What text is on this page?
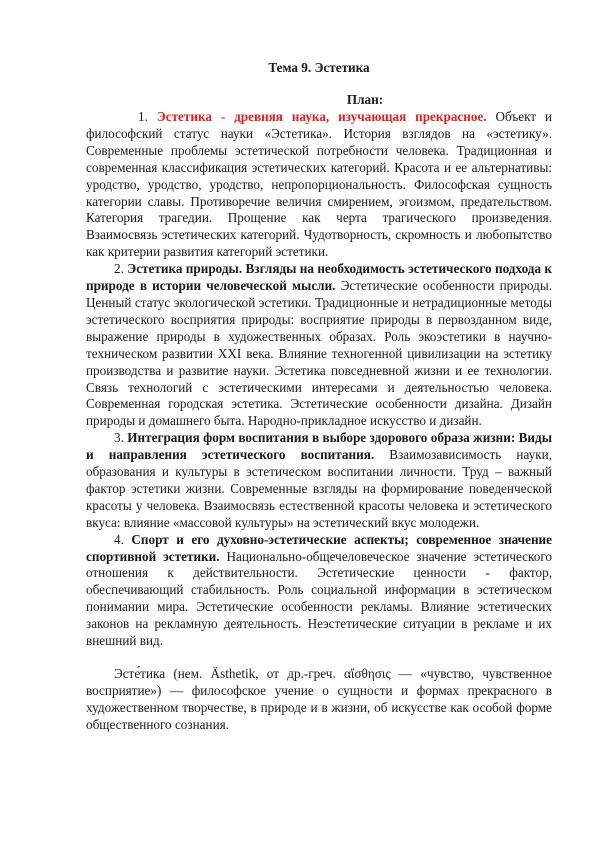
Тема 9. Эстетика
План:

1. Эстетика - древняя наука, изучающая прекрасное. Объект и философский статус науки «Эстетика». История взглядов на «эстетику». Современные проблемы эстетической потребности человека. Традиционная и современная классификация эстетических категорий. Красота и ее альтернативы: уродство, уродство, уродство, непропорциональность. Философская сущность категории славы. Противоречие величия смирением, эгоизмом, предательством. Категория трагедии. Прощение как черта трагического произведения. Взаимосвязь эстетических категорий. Чудотворность, скромность и любопытство как критерии развития категорий эстетики.

2. Эстетика природы. Взгляды на необходимость эстетического подхода к природе в истории человеческой мысли. Эстетические особенности природы. Ценный статус экологической эстетики. Традиционные и нетрадиционные методы эстетического восприятия природы: восприятие природы в первозданном виде, выражение природы в художественных образах. Роль экоэстетики в научно-техническом развитии XXI века. Влияние техногенной цивилизации на эстетику производства и развитие науки. Эстетика повседневной жизни и ее технологии. Связь технологий с эстетическими интересами и деятельностью человека. Современная городская эстетика. Эстетические особенности дизайна. Дизайн природы и домашнего быта. Народно-прикладное искусство и дизайн.

3. Интеграция форм воспитания в выборе здорового образа жизни: Виды и направления эстетического воспитания. Взаимозависимость науки, образования и культуры в эстетическом воспитании личности. Труд – важный фактор эстетики жизни. Современные взгляды на формирование поведенческой красоты у человека. Взаимосвязь естественной красоты человека и эстетического вкуса: влияние «массовой культуры» на эстетический вкус молодежи.

4. Спорт и его духовно-эстетические аспекты; современное значение спортивной эстетики. Национально-общечеловеческое значение эстетического отношения к действительности. Эстетические ценности - фактор, обеспечивающий стабильность. Роль социальной информации в эстетическом понимании мира. Эстетические особенности рекламы. Влияние эстетических законов на рекламную деятельность. Неэстетические ситуации в рекламе и их внешний вид.

Эсте́тика (нем. Ästhetik, от др.-греч. αἴσθησις — «чувство, чувственное восприятие») — философское учение о сущности и формах прекрасного в художественном творчестве, в природе и в жизни, об искусстве как особой форме общественного сознания.
